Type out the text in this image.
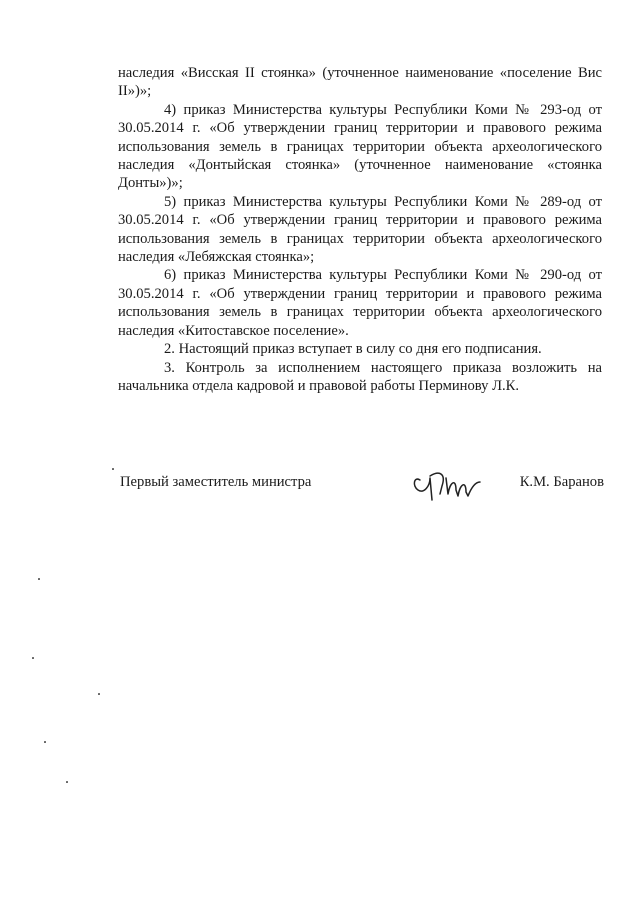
наследия «Висская II стоянка» (уточненное наименование «поселение Вис II»)»;

4) приказ Министерства культуры Республики Коми № 293-од от 30.05.2014 г. «Об утверждении границ территории и правового режима использования земель в границах территории объекта археологического наследия «Донтыйская стоянка» (уточненное наименование «стоянка Донты»)»;

5) приказ Министерства культуры Республики Коми № 289-од от 30.05.2014 г. «Об утверждении границ территории и правового режима использования земель в границах территории объекта археологического наследия «Лебяжская стоянка»;

6) приказ Министерства культуры Республики Коми № 290-од от 30.05.2014 г. «Об утверждении границ территории и правового режима использования земель в границах территории объекта археологического наследия «Китоставское поселение».

2. Настоящий приказ вступает в силу со дня его подписания.

3. Контроль за исполнением настоящего приказа возложить на начальника отдела кадровой и правовой работы Перминову Л.К.

Первый заместитель министра	К.М. Баранов
